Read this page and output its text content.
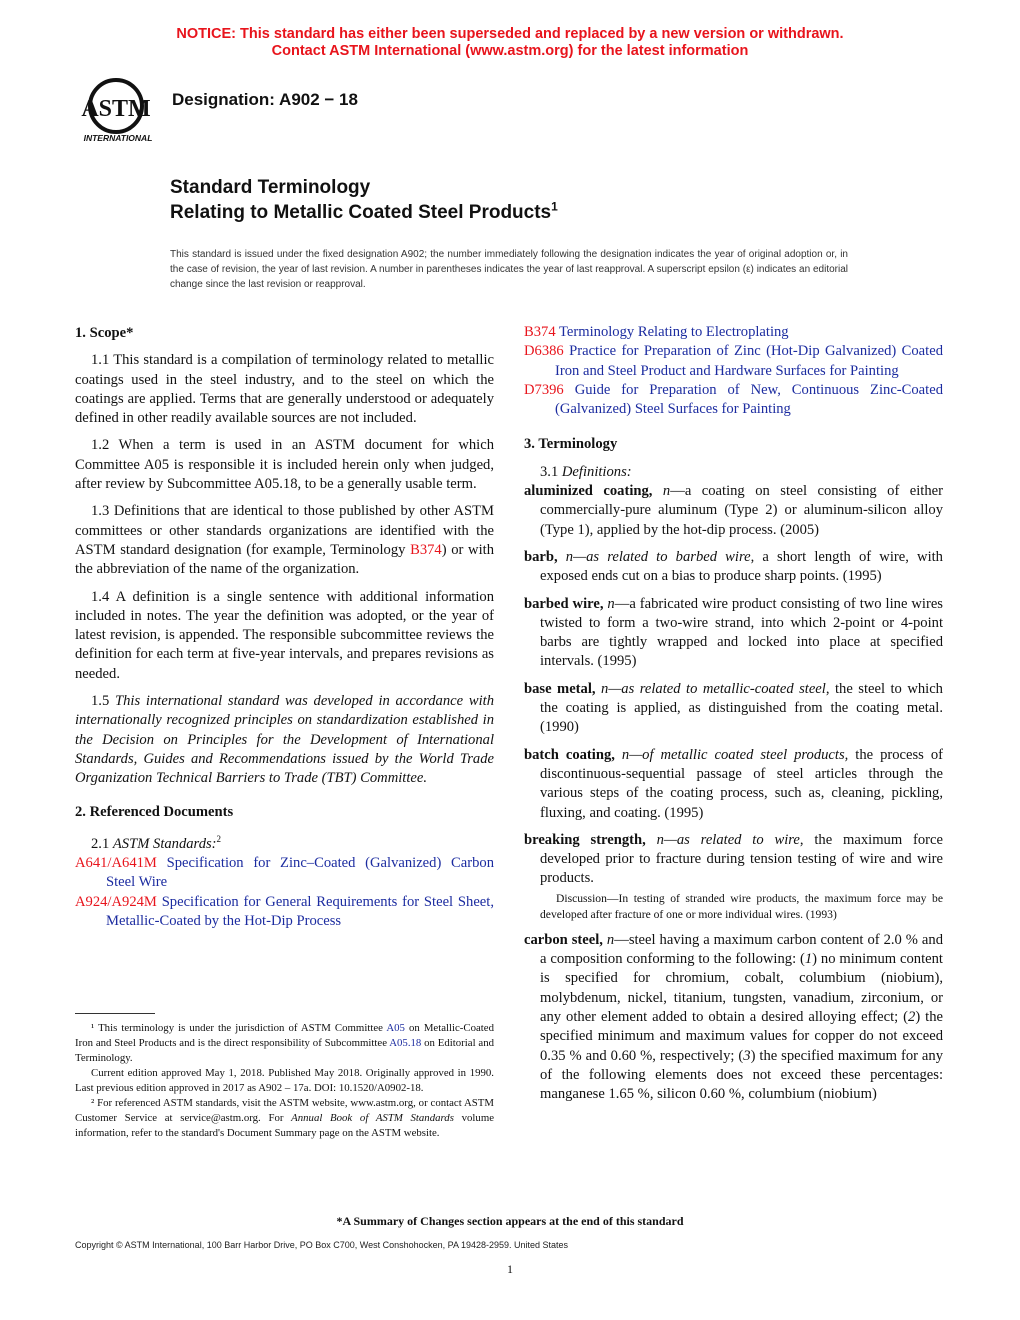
NOTICE: This standard has either been superseded and replaced by a new version or withdrawn.
Contact ASTM International (www.astm.org) for the latest information
ASTM
INTERNATIONAL
Designation: A902 − 18
Standard Terminology
Relating to Metallic Coated Steel Products$^1$
This standard is issued under the fixed designation A902; the number immediately following the designation indicates the year of original adoption or, in the case of revision, the year of last revision. A number in parentheses indicates the year of last reapproval. A superscript epsilon (ε) indicates an editorial change since the last revision or reapproval.

1. Scope*

1.1 This standard is a compilation of terminology related to metallic coatings used in the steel industry, and to the steel on which the coatings are applied. Terms that are generally understood or adequately defined in other readily available sources are not included.

1.2 When a term is used in an ASTM document for which Committee A05 is responsible it is included herein only when judged, after review by Subcommittee A05.18, to be a generally usable term.

1.3 Definitions that are identical to those published by other ASTM committees or other standards organizations are identified with the ASTM standard designation (for example, Terminology B374) or with the abbreviation of the name of the organization.

1.4 A definition is a single sentence with additional information included in notes. The year the definition was adopted, or the year of latest revision, is appended. The responsible subcommittee reviews the definition for each term at five-year intervals, and prepares revisions as needed.

1.5 This international standard was developed in accordance with internationally recognized principles on standardization established in the Decision on Principles for the Development of International Standards, Guides and Recommendations issued by the World Trade Organization Technical Barriers to Trade (TBT) Committee.

2. Referenced Documents

2.1 ASTM Standards:$^2$

A641/A641M Specification for Zinc–Coated (Galvanized) Carbon Steel Wire

A924/A924M Specification for General Requirements for Steel Sheet, Metallic-Coated by the Hot-Dip Process

¹ This terminology is under the jurisdiction of ASTM Committee A05 on Metallic-Coated Iron and Steel Products and is the direct responsibility of Subcommittee A05.18 on Editorial and Terminology.

Current edition approved May 1, 2018. Published May 2018. Originally approved in 1990. Last previous edition approved in 2017 as A902 – 17a. DOI: 10.1520/A0902-18.

² For referenced ASTM standards, visit the ASTM website, www.astm.org, or contact ASTM Customer Service at service@astm.org. For Annual Book of ASTM Standards volume information, refer to the standard's Document Summary page on the ASTM website.

B374 Terminology Relating to Electroplating

D6386 Practice for Preparation of Zinc (Hot-Dip Galvanized) Coated Iron and Steel Product and Hardware Surfaces for Painting

D7396 Guide for Preparation of New, Continuous Zinc-Coated (Galvanized) Steel Surfaces for Painting

3. Terminology

3.1 Definitions:

aluminized coating, n—a coating on steel consisting of either commercially-pure aluminum (Type 2) or aluminum-silicon alloy (Type 1), applied by the hot-dip process. (2005)

barb, n—as related to barbed wire, a short length of wire, with exposed ends cut on a bias to produce sharp points. (1995)

barbed wire, n—a fabricated wire product consisting of two line wires twisted to form a two-wire strand, into which 2-point or 4-point barbs are tightly wrapped and locked into place at specified intervals. (1995)

base metal, n—as related to metallic-coated steel, the steel to which the coating is applied, as distinguished from the coating metal. (1990)

batch coating, n—of metallic coated steel products, the process of discontinuous-sequential passage of steel articles through the various steps of the coating process, such as, cleaning, pickling, fluxing, and coating. (1995)

breaking strength, n—as related to wire, the maximum force developed prior to fracture during tension testing of wire and wire products.

Discussion—In testing of stranded wire products, the maximum force may be developed after fracture of one or more individual wires. (1993)

carbon steel, n—steel having a maximum carbon content of 2.0 % and a composition conforming to the following: (1) no minimum content is specified for chromium, cobalt, columbium (niobium), molybdenum, nickel, titanium, tungsten, vanadium, zirconium, or any other element added to obtain a desired alloying effect; (2) the specified minimum and maximum values for copper do not exceed 0.35 % and 0.60 %, respectively; (3) the specified maximum for any of the following elements does not exceed these percentages: manganese 1.65 %, silicon 0.60 %, columbium (niobium)

*A Summary of Changes section appears at the end of this standard
Copyright © ASTM International, 100 Barr Harbor Drive, PO Box C700, West Conshohocken, PA 19428-2959. United States
1
